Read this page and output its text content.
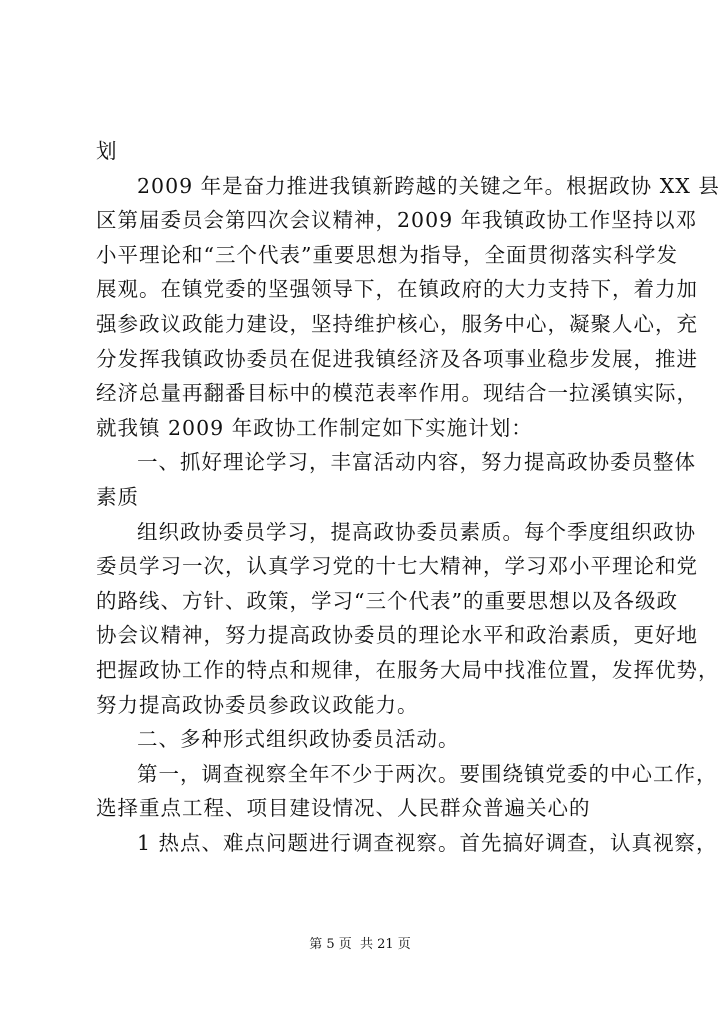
划
2009 年是奋力推进我镇新跨越的关键之年。根据政协 XX 县
区第届委员会第四次会议精神，2009 年我镇政协工作坚持以邓
小平理论和“三个代表”重要思想为指导，全面贯彻落实科学发
展观。在镇党委的坚强领导下，在镇政府的大力支持下，着力加
强参政议政能力建设，坚持维护核心，服务中心，凝聚人心，充
分发挥我镇政协委员在促进我镇经济及各项事业稳步发展，推进
经济总量再翻番目标中的模范表率作用。现结合一拉溪镇实际，
就我镇 2009 年政协工作制定如下实施计划：
一、抓好理论学习，丰富活动内容，努力提高政协委员整体
素质
组织政协委员学习，提高政协委员素质。每个季度组织政协
委员学习一次，认真学习党的十七大精神，学习邓小平理论和党
的路线、方针、政策，学习“三个代表”的重要思想以及各级政
协会议精神，努力提高政协委员的理论水平和政治素质，更好地
把握政协工作的特点和规律，在服务大局中找准位置，发挥优势，
努力提高政协委员参政议政能力。
二、多种形式组织政协委员活动。
第一，调查视察全年不少于两次。要围绕镇党委的中心工作，
选择重点工程、项目建设情况、人民群众普遍关心的
1 热点、难点问题进行调查视察。首先搞好调查，认真视察，
第 5 页 共 21 页
